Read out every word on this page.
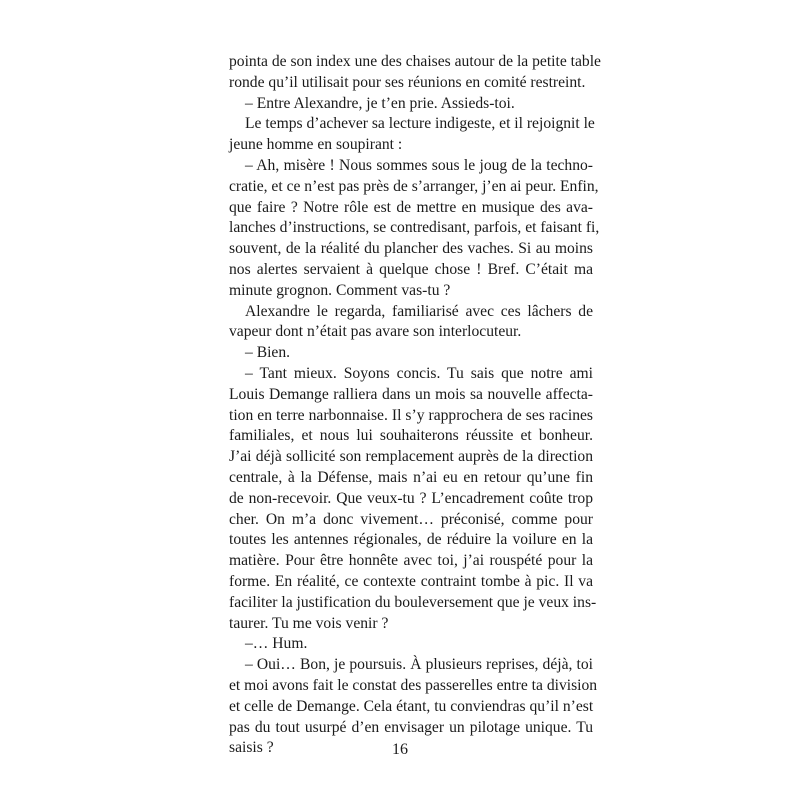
pointa de son index une des chaises autour de la petite table
ronde qu’il utilisait pour ses réunions en comité restreint.

– Entre Alexandre, je t’en prie. Assieds-toi.

Le temps d’achever sa lecture indigeste, et il rejoignit le
jeune homme en soupirant :

– Ah, misère ! Nous sommes sous le joug de la techno-
cratie, et ce n’est pas près de s’arranger, j’en ai peur. Enfin,
que faire ? Notre rôle est de mettre en musique des ava-
lanches d’instructions, se contredisant, parfois, et faisant fi,
souvent, de la réalité du plancher des vaches. Si au moins
nos alertes servaient à quelque chose ! Bref. C’était ma
minute grognon. Comment vas-tu ?

Alexandre le regarda, familiarisé avec ces lâchers de
vapeur dont n’était pas avare son interlocuteur.

– Bien.

– Tant mieux. Soyons concis. Tu sais que notre ami
Louis Demange ralliera dans un mois sa nouvelle affecta-
tion en terre narbonnaise. Il s’y rapprochera de ses racines
familiales, et nous lui souhaiterons réussite et bonheur.
J’ai déjà sollicité son remplacement auprès de la direction
centrale, à la Défense, mais n’ai eu en retour qu’une fin
de non-recevoir. Que veux-tu ? L’encadrement coûte trop
cher. On m’a donc vivement… préconisé, comme pour
toutes les antennes régionales, de réduire la voilure en la
matière. Pour être honnête avec toi, j’ai rouspété pour la
forme. En réalité, ce contexte contraint tombe à pic. Il va
faciliter la justification du bouleversement que je veux ins-
taurer. Tu me vois venir ?

–… Hum.

– Oui… Bon, je poursuis. À plusieurs reprises, déjà, toi
et moi avons fait le constat des passerelles entre ta division
et celle de Demange. Cela étant, tu conviendras qu’il n’est
pas du tout usurpé d’en envisager un pilotage unique. Tu
saisis ?	16
